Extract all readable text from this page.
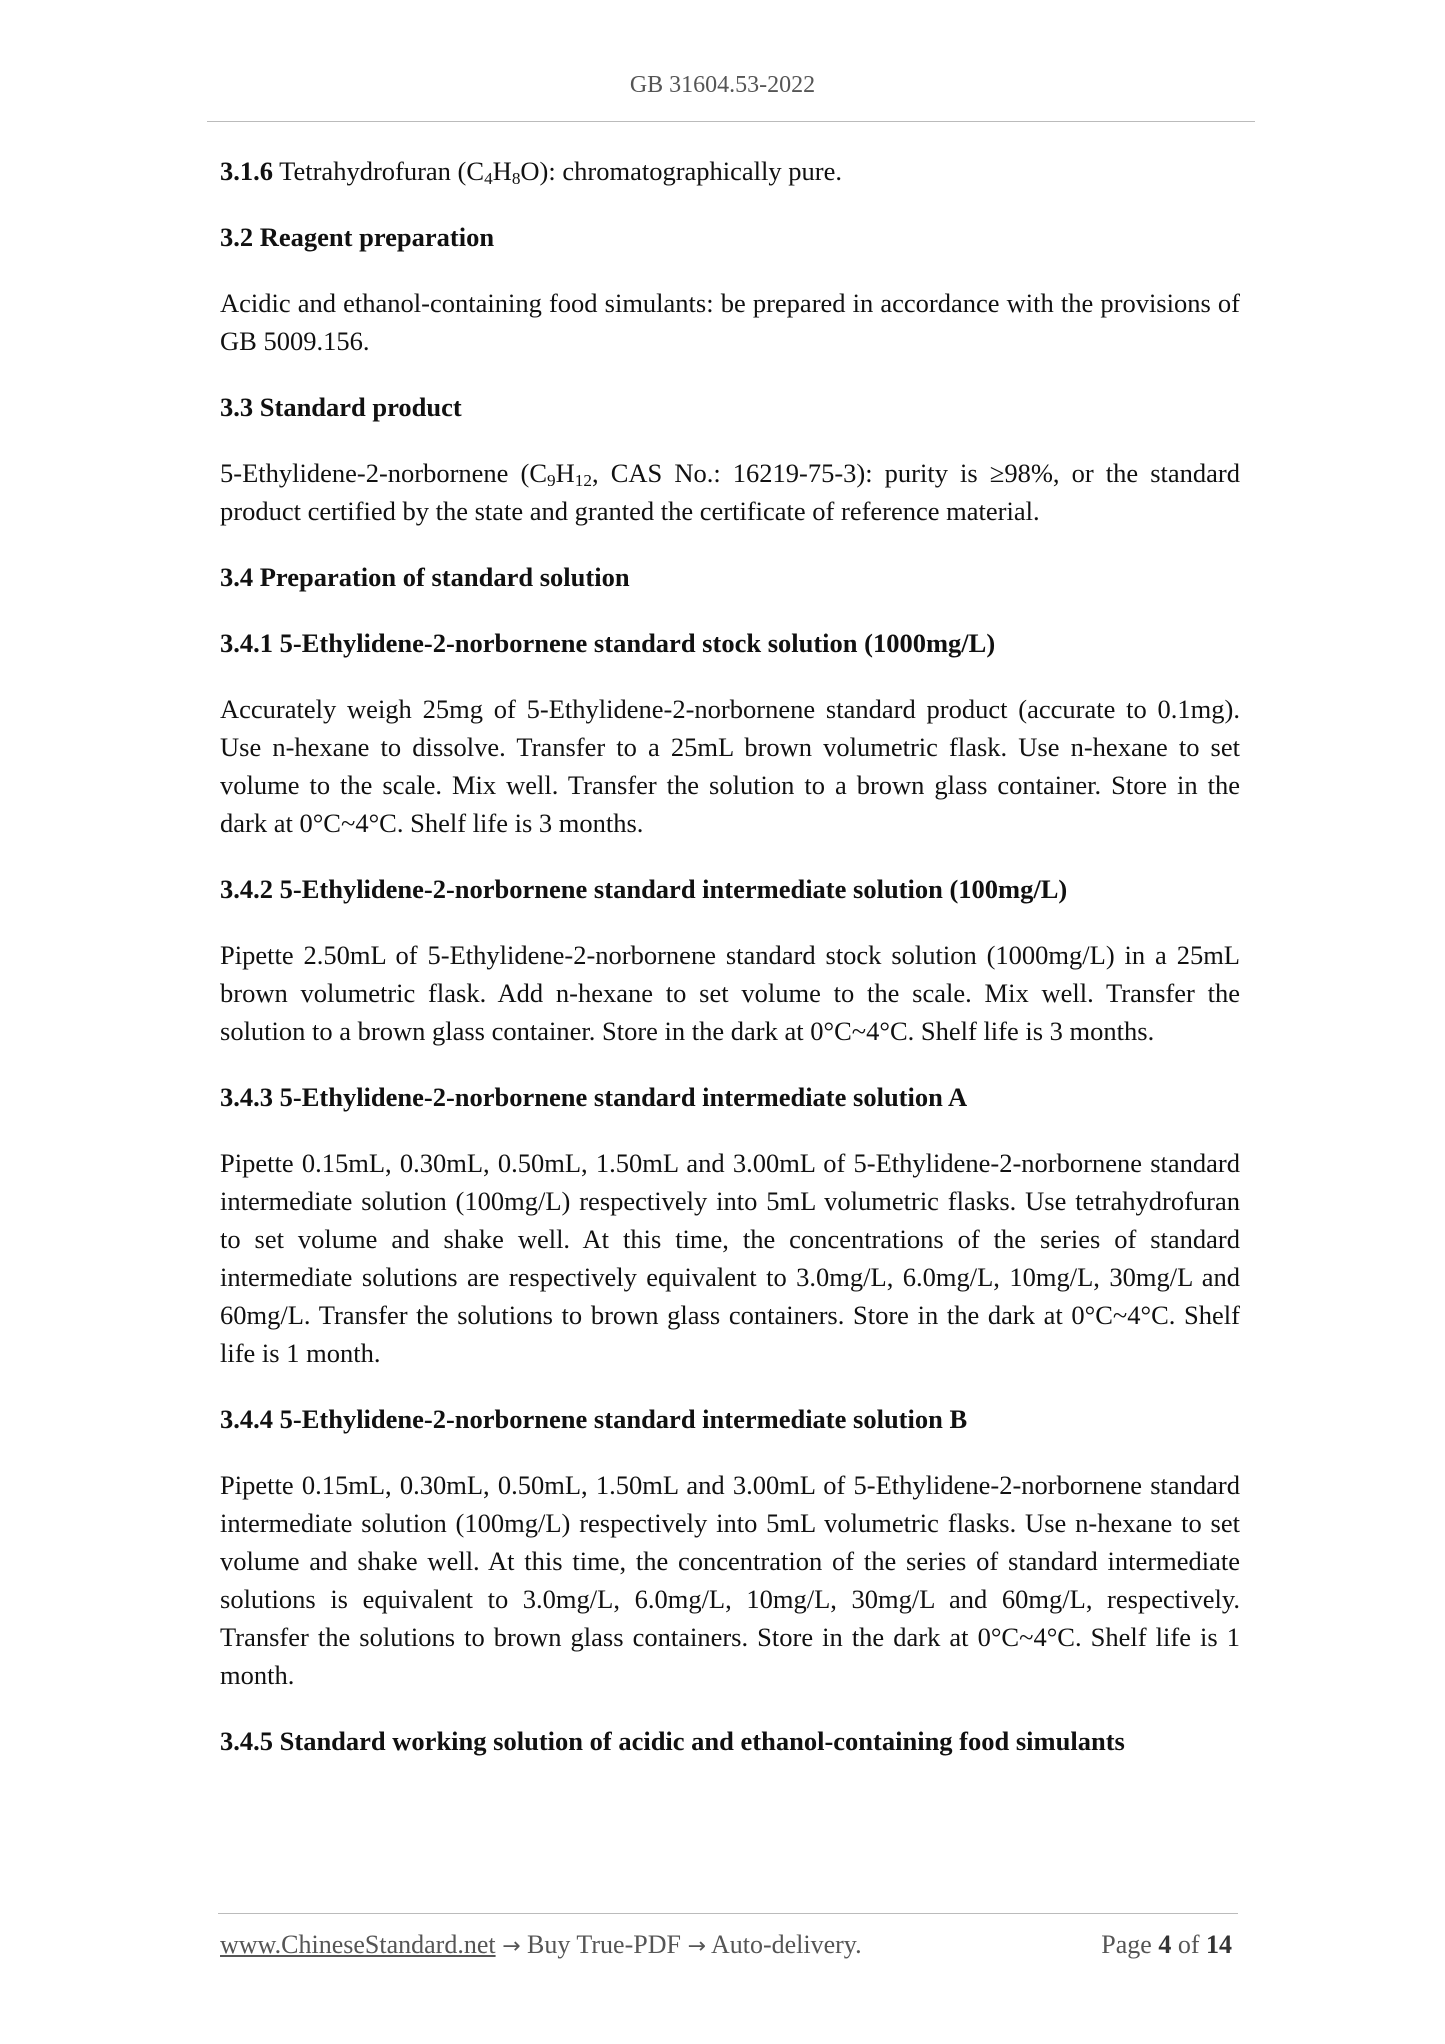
GB 31604.53-2022

3.1.6 Tetrahydrofuran $(C_4H_8O)$: chromatographically pure.

3.2 Reagent preparation

Acidic and ethanol-containing food simulants: be prepared in accordance with the provisions of GB 5009.156.

3.3 Standard product

5-Ethylidene-2-norbornene ($C_9H_{12}$, CAS No.: 16219-75-3): purity is ≥98%, or the standard product certified by the state and granted the certificate of reference material.

3.4 Preparation of standard solution
3.4.1 5-Ethylidene-2-norbornene standard stock solution (1000mg/L)

Accurately weigh 25mg of 5-Ethylidene-2-norbornene standard product (accurate to 0.1mg). Use n-hexane to dissolve. Transfer to a 25mL brown volumetric flask. Use n-hexane to set volume to the scale. Mix well. Transfer the solution to a brown glass container. Store in the dark at 0°C~4°C. Shelf life is 3 months.

3.4.2 5-Ethylidene-2-norbornene standard intermediate solution (100mg/L)

Pipette 2.50mL of 5-Ethylidene-2-norbornene standard stock solution (1000mg/L) in a 25mL brown volumetric flask. Add n-hexane to set volume to the scale. Mix well. Transfer the solution to a brown glass container. Store in the dark at 0°C~4°C. Shelf life is 3 months.

3.4.3 5-Ethylidene-2-norbornene standard intermediate solution A

Pipette 0.15mL, 0.30mL, 0.50mL, 1.50mL and 3.00mL of 5-Ethylidene-2-norbornene standard intermediate solution (100mg/L) respectively into 5mL volumetric flasks. Use tetrahydrofuran to set volume and shake well. At this time, the concentrations of the series of standard intermediate solutions are respectively equivalent to 3.0mg/L, 6.0mg/L, 10mg/L, 30mg/L and 60mg/L. Transfer the solutions to brown glass containers. Store in the dark at 0°C~4°C. Shelf life is 1 month.

3.4.4 5-Ethylidene-2-norbornene standard intermediate solution B

Pipette 0.15mL, 0.30mL, 0.50mL, 1.50mL and 3.00mL of 5-Ethylidene-2-norbornene standard intermediate solution (100mg/L) respectively into 5mL volumetric flasks. Use n-hexane to set volume and shake well. At this time, the concentration of the series of standard intermediate solutions is equivalent to 3.0mg/L, 6.0mg/L, 10mg/L, 30mg/L and 60mg/L, respectively. Transfer the solutions to brown glass containers. Store in the dark at 0°C~4°C. Shelf life is 1 month.

3.4.5 Standard working solution of acidic and ethanol-containing food simulants
www.ChineseStandard.net → Buy True-PDF → Auto-delivery.	Page 4 of 14
